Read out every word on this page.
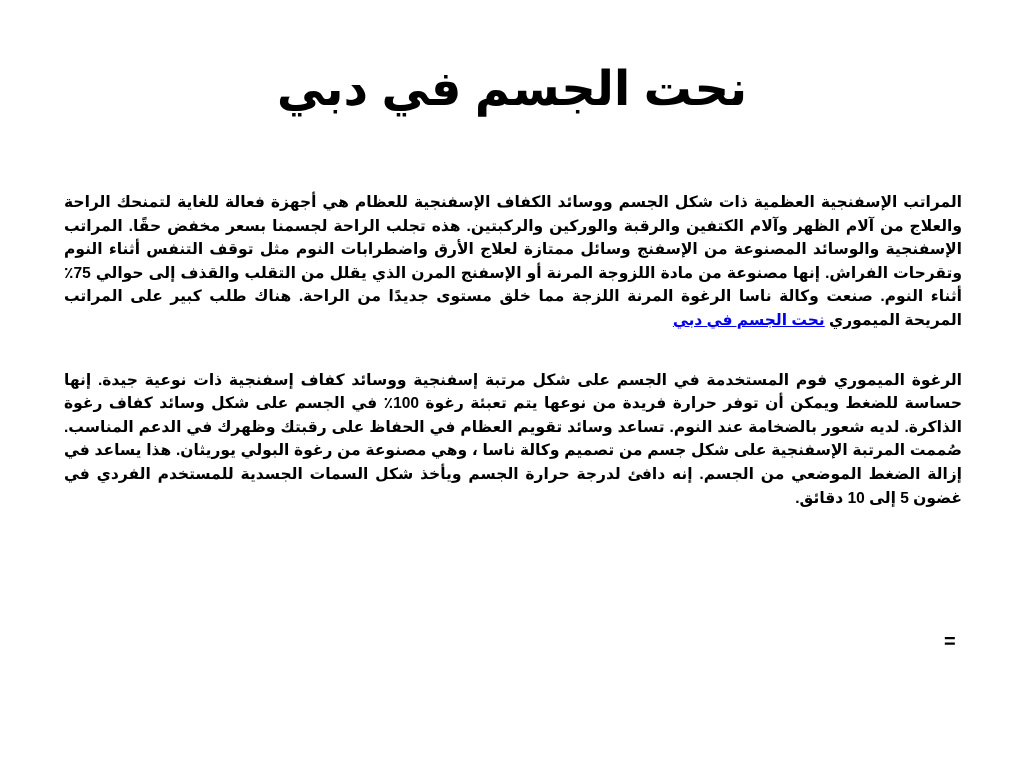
نحت الجسم في دبي

المراتب الإسفنجية العظمية ذات شكل الجسم ووسائد الكفاف الإسفنجية للعظام هي أجهزة فعالة للغاية لتمنحك الراحة والعلاج من آلام الظهر وآلام الكتفين والرقبة والوركين والركبتين. هذه تجلب الراحة لجسمنا بسعر مخفض حقًا. المراتب الإسفنجية والوسائد المصنوعة من الإسفنج وسائل ممتازة لعلاج الأرق واضطرابات النوم مثل توقف التنفس أثناء النوم وتقرحات الفراش. إنها مصنوعة من مادة اللزوجة المرنة أو الإسفنج المرن الذي يقلل من التقلب والقذف إلى حوالي 75٪ أثناء النوم. صنعت وكالة ناسا الرغوة المرنة اللزجة مما خلق مستوى جديدًا من الراحة. هناك طلب كبير على المراتب المريحة الميموري نحت الجسم في دبي

الرغوة الميموري فوم المستخدمة في الجسم على شكل مرتبة إسفنجية ووسائد كفاف إسفنجية ذات نوعية جيدة. إنها حساسة للضغط ويمكن أن توفر حرارة فريدة من نوعها يتم تعبئة رغوة 100٪ في الجسم على شكل وسائد كفاف رغوة الذاكرة. لديه شعور بالضخامة عند النوم. تساعد وسائد تقويم العظام في الحفاظ على رقبتك وظهرك في الدعم المناسب. صُممت المرتبة الإسفنجية على شكل جسم من تصميم وكالة ناسا ، وهي مصنوعة من رغوة البولي يوريثان. هذا يساعد في إزالة الضغط الموضعي من الجسم. إنه دافئ لدرجة حرارة الجسم ويأخذ شكل السمات الجسدية للمستخدم الفردي في غضون 5 إلى 10 دقائق.

=
